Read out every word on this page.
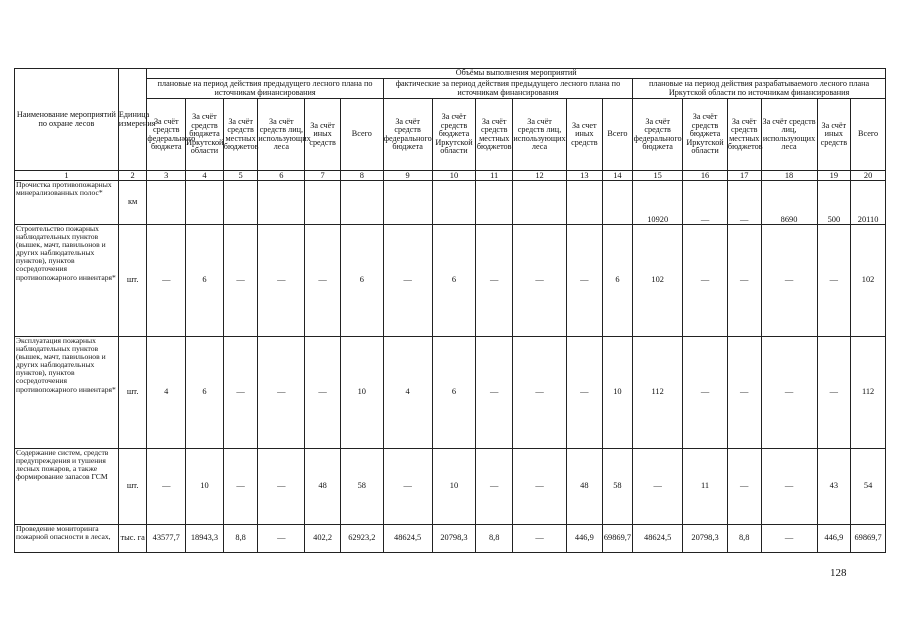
Наименование мероприятий по охране лесов	Единица измерения	Объёмы выполнения мероприятий																	
		плановые на период действия предыдущего лесного плана по источникам финансирования						фактические за период действия предыдущего лесного плана по источникам финансирования						плановые на период действия разрабатываемого лесного плана Иркутской области по источникам финансирования					
		За счёт средств федерального бюджета	За счёт средств бюджета Иркутской области	За счёт средств местных бюджетов	За счёт средств лиц, использующих леса	За счёт иных средств	Всего	За счёт средств федерального бюджета	За счёт средств бюджета Иркутской области	За счёт средств местных бюджетов	За счёт средств лиц, использующих леса	За счет иных средств	Всего	За счёт средств федерального бюджета	За счёт средств бюджета Иркутской области	За счёт средств местных бюджетов	За счёт средств лиц, использующих леса	За счёт иных средств	Всего
1	2	3	4	5	6	7	8	9	10	11	12	13	14	15	16	17	18	19	20
Прочистка противопожарных минерализованных полос*	км													10920	—	—	8690	500	20110
Строительство пожарных наблюдательных пунктов (вышек, мачт, павильонов и других наблюдательных пунктов), пунктов сосредоточения противопожарного инвентаря*	шт.	—	6	—	—	—	6	—	6	—	—	—	6	102	—	—	—	—	102
Эксплуатация пожарных наблюдательных пунктов (вышек, мачт, павильонов и других наблюдательных пунктов), пунктов сосредоточения противопожарного инвентаря*	шт.	4	6	—	—	—	10	4	6	—	—	—	10	112	—	—	—	—	112
Содержание систем, средств предупреждения и тушения лесных пожаров, а также формирование запасов ГСМ	шт.	—	10	—	—	48	58	—	10	—	—	48	58	—	11	—	—	43	54
Проведение мониторинга пожарной опасности в лесах,	тыс. га	43577,7	18943,3	8,8	—	402,2	62923,2	48624,5	20798,3	8,8	—	446,9	69869,7	48624,5	20798,3	8,8	—	446,9	69869,7
128
